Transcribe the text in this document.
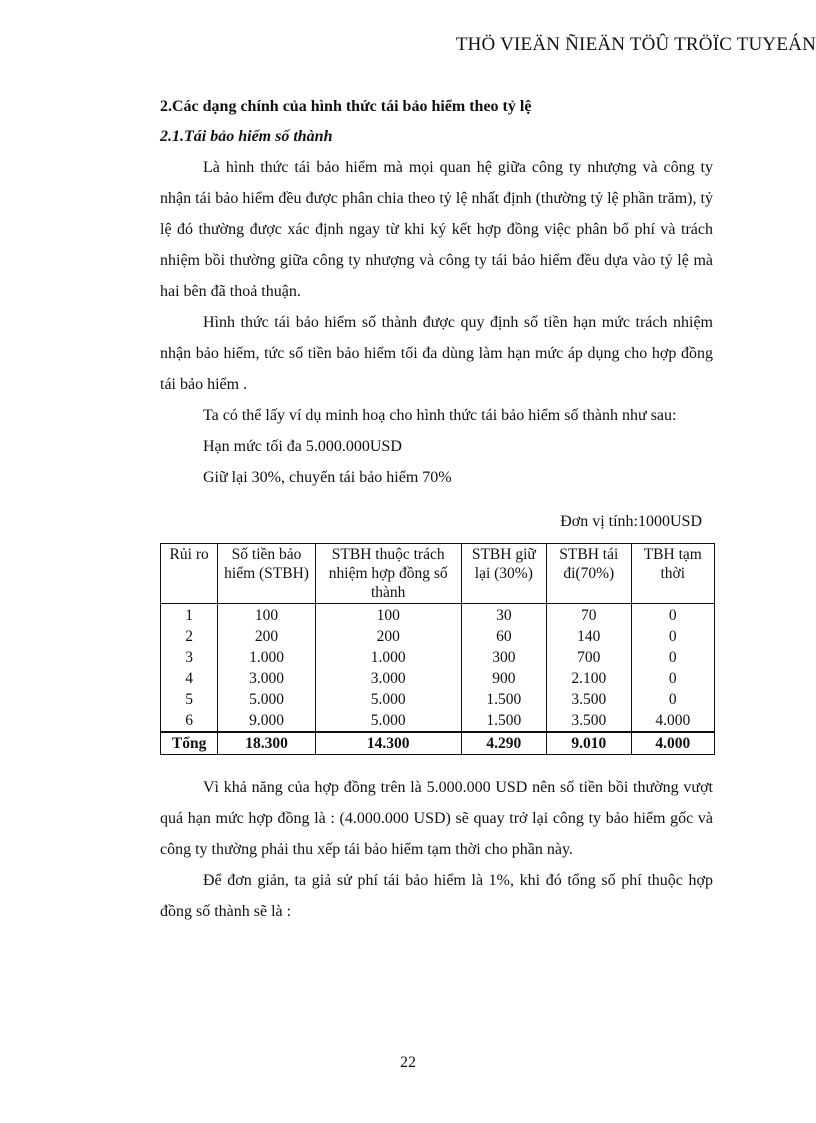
THÖ VIEÄN ÑIEÄN TÖÛ TRÖÏC TUYEÁN

2.Các dạng chính của hình thức tái bảo hiểm theo tỷ lệ

2.1.Tái bảo hiểm số thành

Là hình thức tái bảo hiểm mà mọi quan hệ giữa công ty nhượng và công ty nhận tái bảo hiểm đều được phân chia theo tỷ lệ nhất định (thường tỷ lệ phần trăm), tỷ lệ đó thường được xác định ngay từ khi ký kết hợp đồng việc phân bổ phí và trách nhiệm bồi thường giữa công ty nhượng và công ty tái bảo hiểm đều dựa vào tỷ lệ mà hai bên đã thoả thuận.

Hình thức tái bảo hiểm số thành được quy định số tiền hạn mức trách nhiệm nhận bảo hiểm, tức số tiền bảo hiểm tối đa dùng làm hạn mức áp dụng cho hợp đồng tái bảo hiểm .

Ta có thể lấy ví dụ minh hoạ cho hình thức tái bảo hiểm số thành như sau:

Hạn mức tối đa 5.000.000USD

Giữ lại 30%, chuyển tái bảo hiểm 70%

Đơn vị tính:1000USD

Rủi ro	Số tiền bảo hiểm (STBH)	STBH thuộc trách nhiệm hợp đồng số thành	STBH giữ lại (30%)	STBH tái đi(70%)	TBH tạm thời
1	100	100	30	70	0
2	200	200	60	140	0
3	1.000	1.000	300	700	0
4	3.000	3.000	900	2.100	0
5	5.000	5.000	1.500	3.500	0
6	9.000	5.000	1.500	3.500	4.000
Tổng	18.300	14.300	4.290	9.010	4.000

Vì khả năng của hợp đồng trên là 5.000.000 USD nên số tiền bồi thường vượt quá hạn mức hợp đồng là : (4.000.000 USD) sẽ quay trở lại công ty bảo hiểm gốc và công ty thường phải thu xếp tái bảo hiểm tạm thời cho phần này.

Để đơn giản, ta giả sử phí tái bảo hiểm là 1%, khi đó tổng số phí thuộc hợp đồng số thành sẽ là :

22
